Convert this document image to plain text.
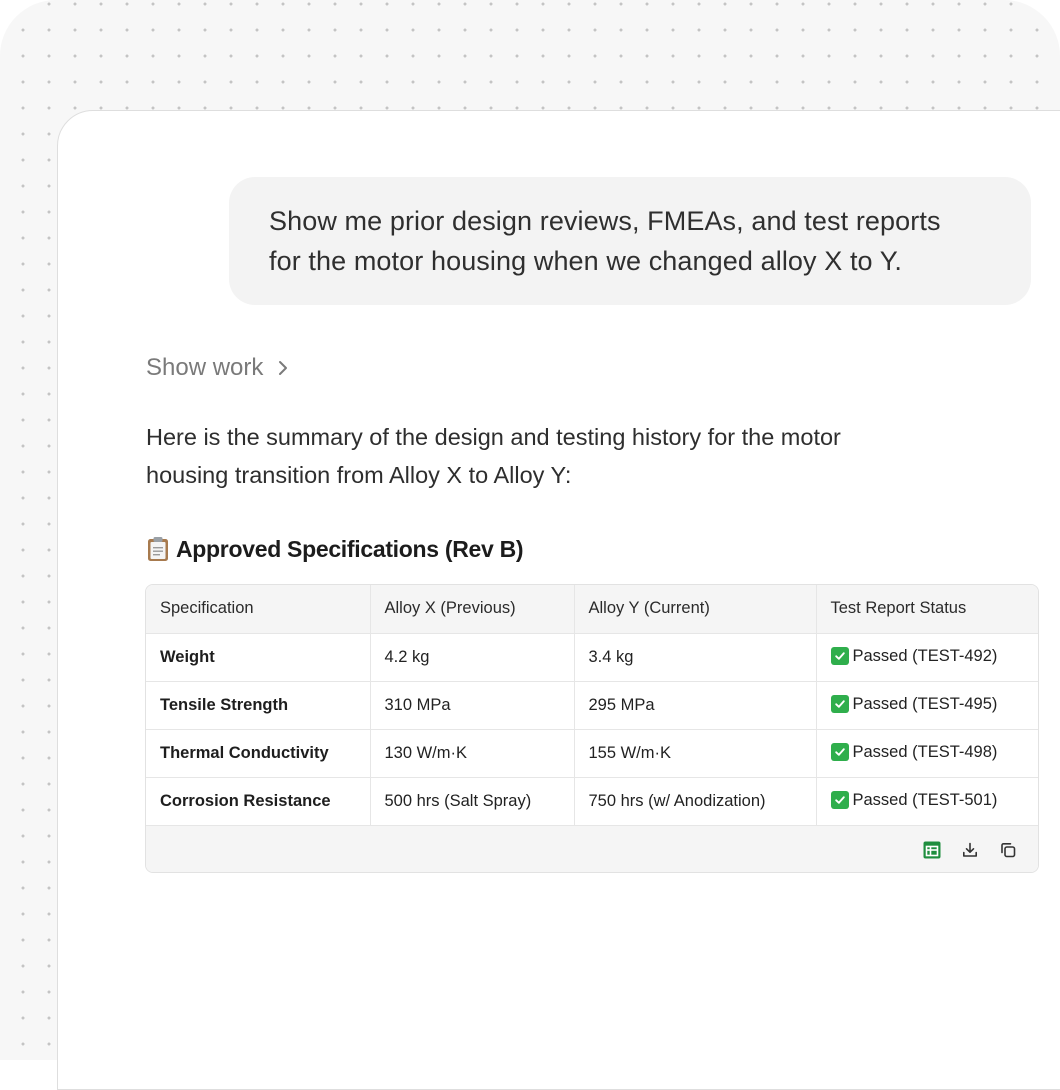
Show me prior design reviews, FMEAs, and test reports
for the motor housing when we changed alloy X to Y.
Show work
Here is the summary of the design and testing history for the motor
housing transition from Alloy X to Alloy Y:
Approved Specifications (Rev B)
Specification	Alloy X (Previous)	Alloy Y (Current)	Test Report Status
Weight	4.2 kg	3.4 kg	Passed (TEST-492)

Tensile Strength	310 MPa	295 MPa	Passed (TEST-495)

Thermal Conductivity	130 W/m·K	155 W/m·K	Passed (TEST-498)

Corrosion Resistance	500 hrs (Salt Spray)	750 hrs (w/ Anodization)	Passed (TEST-501)
